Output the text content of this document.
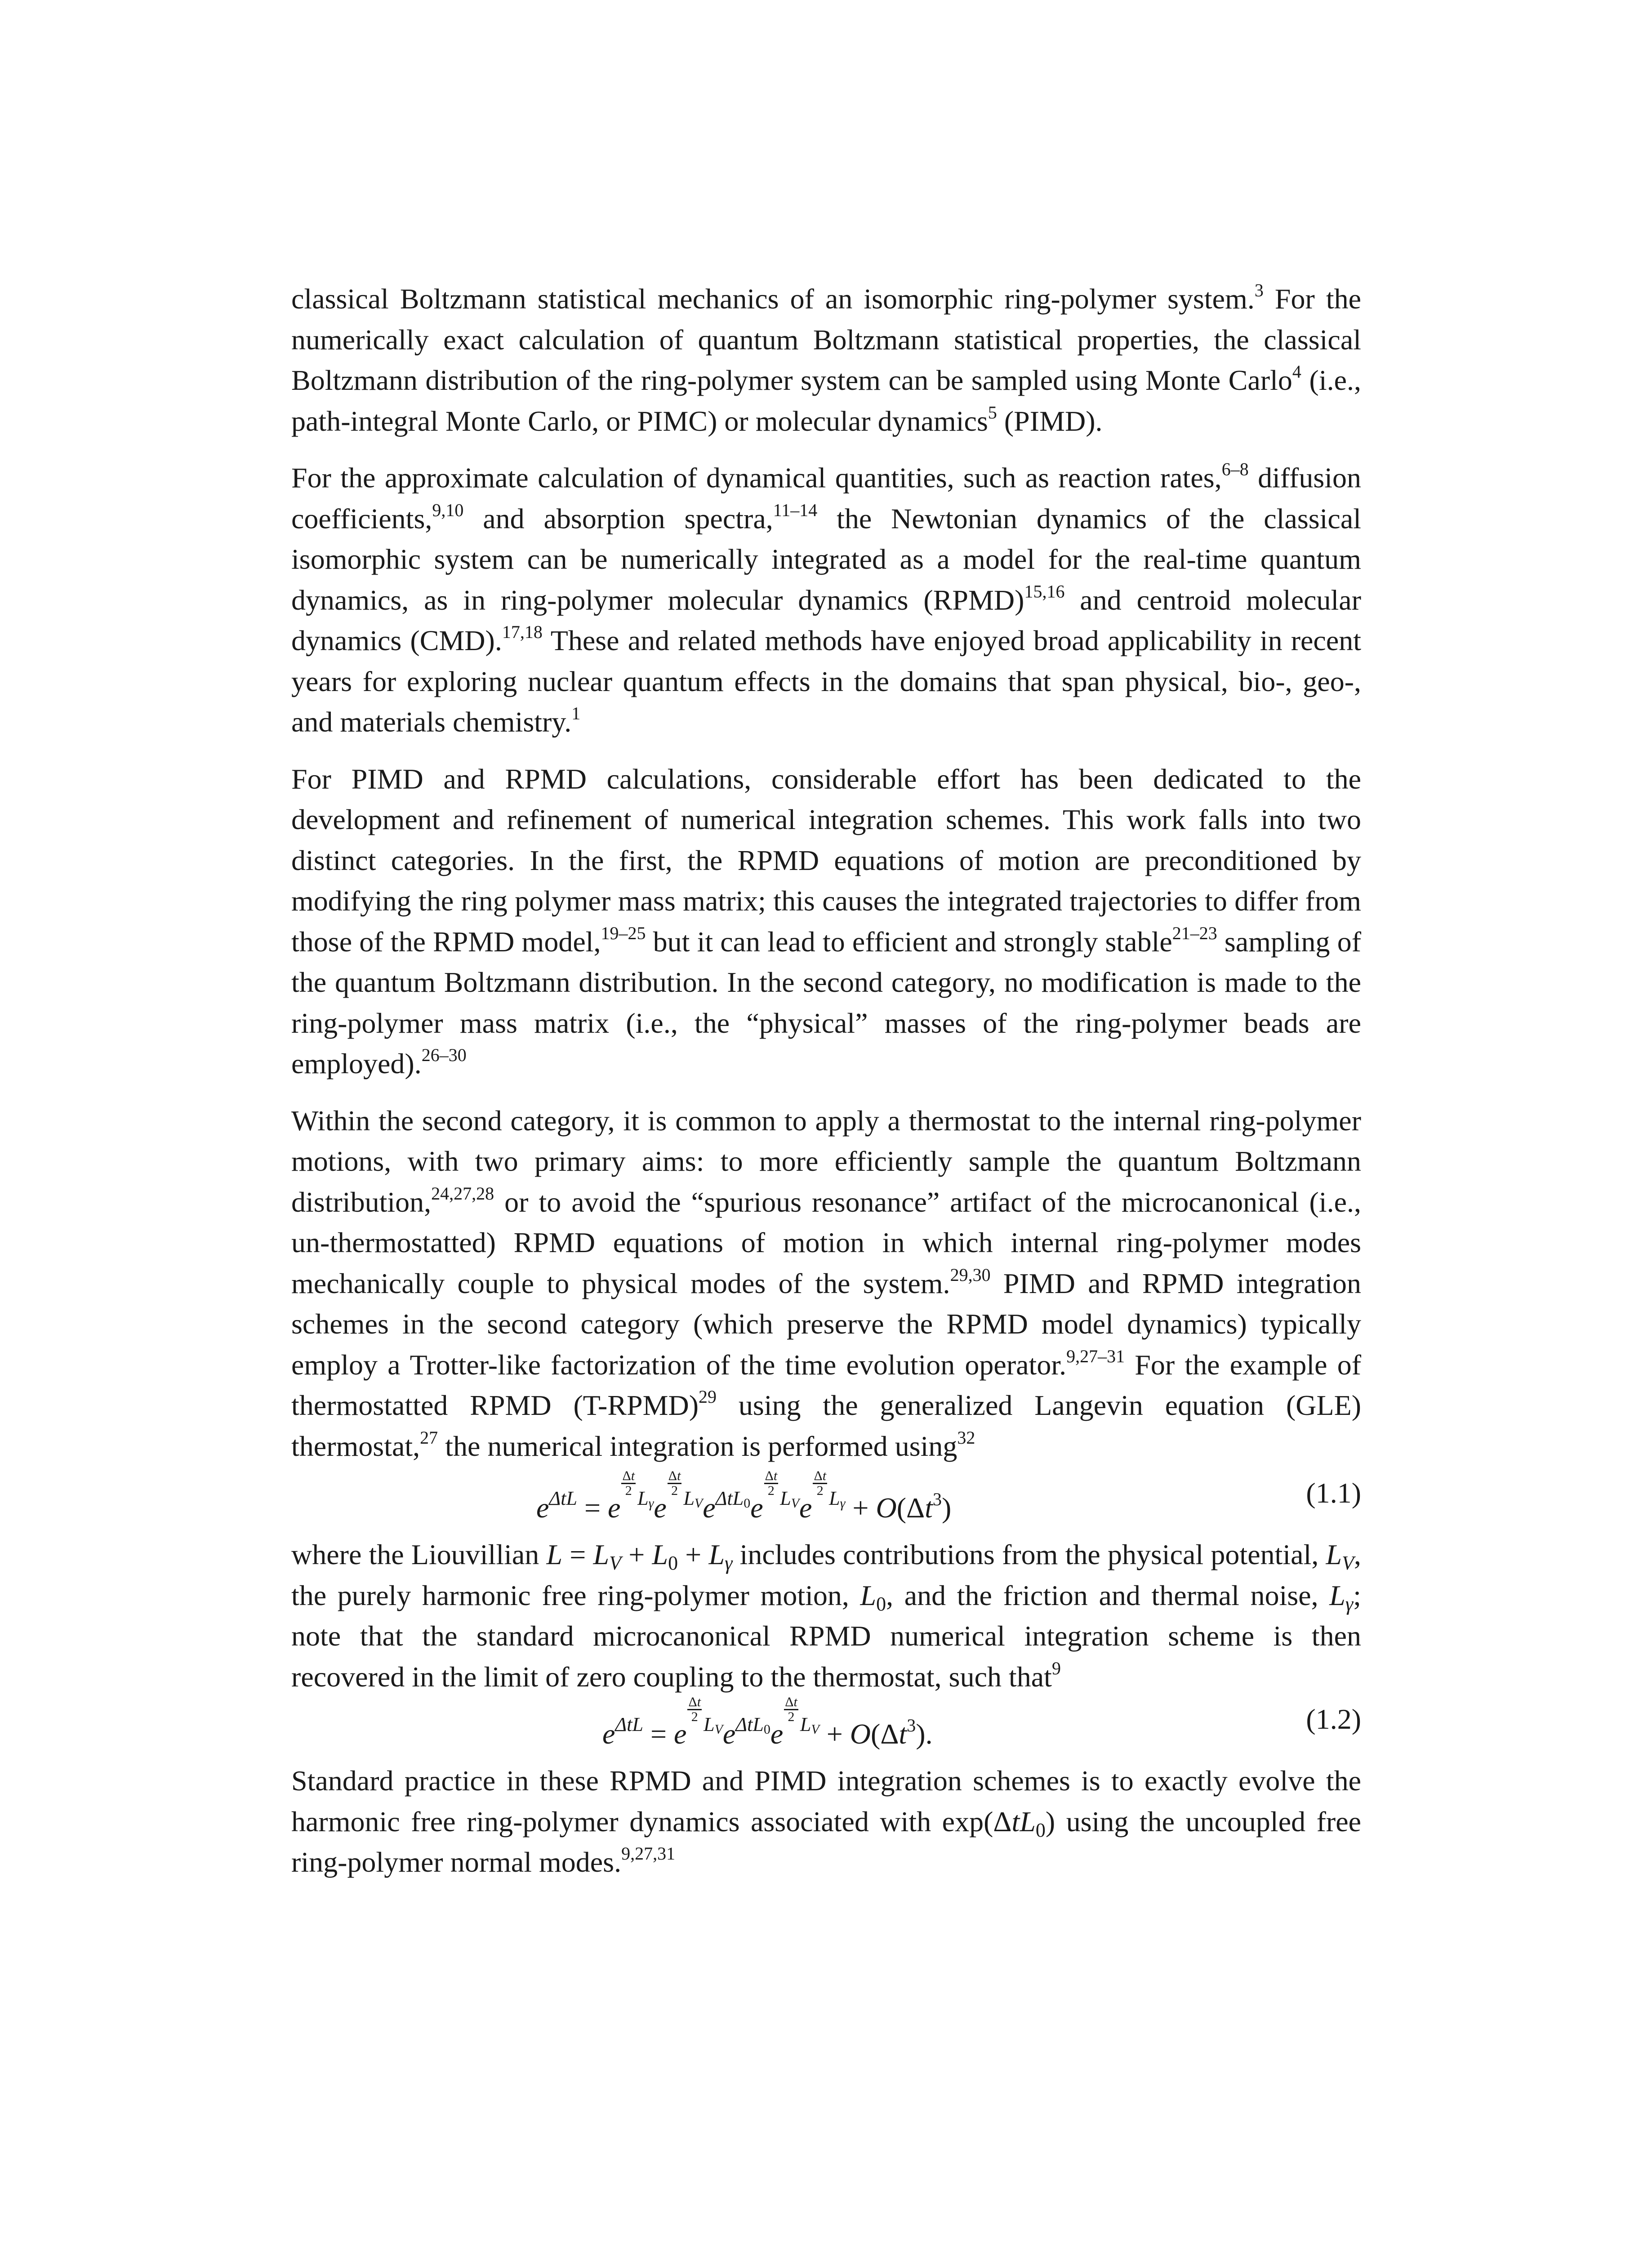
classical Boltzmann statistical mechanics of an isomorphic ring-polymer system.$^3$ For the numerically exact calculation of quantum Boltzmann statistical properties, the classical Boltzmann distribution of the ring-polymer system can be sampled using Monte Carlo$^4$ (i.e., path-integral Monte Carlo, or PIMC) or molecular dynamics$^5$ (PIMD).

For the approximate calculation of dynamical quantities, such as reaction rates,$^{6-8}$ diffusion coefficients,$^{9,10}$ and absorption spectra,$^{11-14}$ the Newtonian dynamics of the classical isomorphic system can be numerically integrated as a model for the real-time quantum dynamics, as in ring-polymer molecular dynamics (RPMD)$^{15,16}$ and centroid molecular dynamics (CMD).$^{17,18}$ These and related methods have enjoyed broad applicability in recent years for exploring nuclear quantum effects in the domains that span physical, bio-, geo-, and materials chemistry.$^1$

For PIMD and RPMD calculations, considerable effort has been dedicated to the development and refinement of numerical integration schemes. This work falls into two distinct categories. In the first, the RPMD equations of motion are preconditioned by modifying the ring polymer mass matrix; this causes the integrated trajectories to differ from those of the RPMD model,$^{19-25}$ but it can lead to efficient and strongly stable$^{21-23}$ sampling of the quantum Boltzmann distribution. In the second category, no modification is made to the ring-polymer mass matrix (i.e., the “physical” masses of the ring-polymer beads are employed).$^{26-30}$

Within the second category, it is common to apply a thermostat to the internal ring-polymer motions, with two primary aims: to more efficiently sample the quantum Boltzmann distribution,$^{24,27,28}$ or to avoid the “spurious resonance” artifact of the microcanonical (i.e., un-thermostatted) RPMD equations of motion in which internal ring-polymer modes mechanically couple to physical modes of the system.$^{29,30}$ PIMD and RPMD integration schemes in the second category (which preserve the RPMD model dynamics) typically employ a Trotter-like factorization of the time evolution operator.$^{9,27-31}$ For the example of thermostatted RPMD (T-RPMD)$^{29}$ using the generalized Langevin equation (GLE) thermostat,$^{27}$ the numerical integration is performed using$^{32}$

$e^{\Delta tL} = e$
$^{\frac{\Delta t}{2} L\gamma}$e
$^{\frac{\Delta t}{2} LV}e^{\Delta tL0}e$
$^{\frac{\Delta t}{2} LV}$e
$^{\frac{\Delta t}{2} L\gamma} + O(\Delta t^3)$	(1.1)

where the Liouvillian $L = L_V + L_0 + L_\gamma$ includes contributions from the physical potential, $L_V$, the purely harmonic free ring-polymer motion, $L_0$, and the friction and thermal noise, $L_\gamma$; note that the standard microcanonical RPMD numerical integration scheme is then recovered in the limit of zero coupling to the thermostat, such that$^9$

$e^{\Delta tL} = e$
$^{\frac{\Delta t}{2} LV}e^{\Delta tL0}e$
$^{\frac{\Delta t}{2} LV} + O(\Delta t^3)$.	(1.2)

Standard practice in these RPMD and PIMD integration schemes is to exactly evolve the harmonic free ring-polymer dynamics associated with exp(ΔtL$_0$) using the uncoupled free ring-polymer normal modes.$^{9,27,31}$
